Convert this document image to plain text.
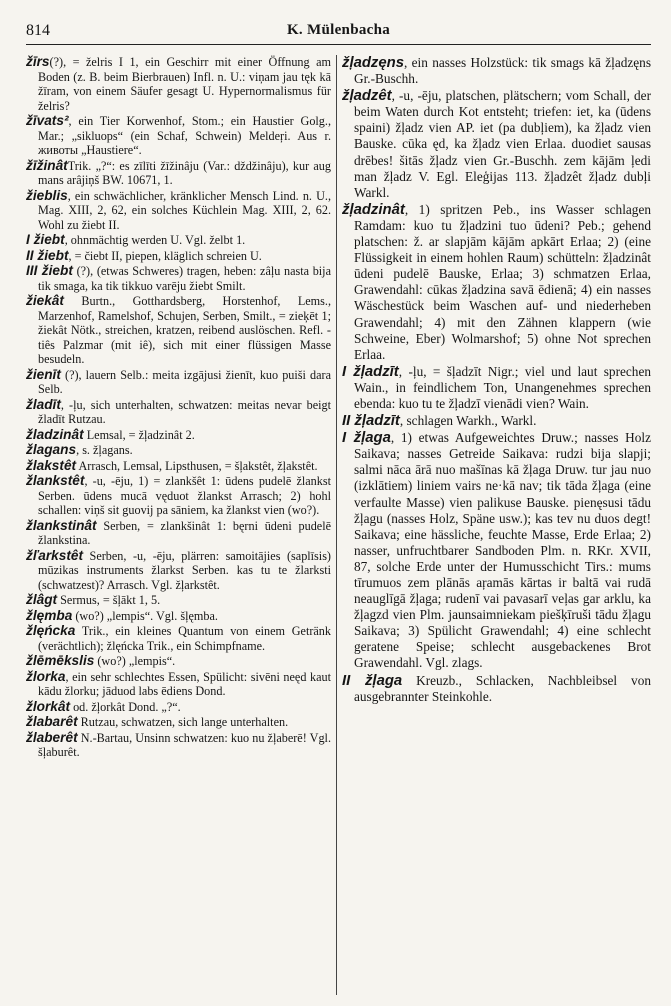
814	K. Mülenbacha

žīrs(?), = želris I 1, ein Geschirr mit einer Öffnung am Boden (z. B. beim Bierbrauen) Infl. n. U.: viņam jau tęk kā žīram, von einem Säufer gesagt U. Hypernormalismus für želris?

žīvats², ein Tier Korwenhof, Stom.; ein Haustier Golg., Mar.; „sikluops“ (ein Schaf, Schwein) Meldeŗi. Aus r. животы „Haustiere“.

žīžinâtTrik. „?“: es zīlīti žīžinâju (Var.: dždžinâju), kur aug mans arâjiņš BW. 10671, 1.

žieblis, ein schwächlicher, kränklicher Mensch Lind. n. U., Mag. XIII, 2, 62, ein solches Küchlein Mag. XIII, 2, 62. Wohl zu žiebt II.

I žiebt, ohnmächtig werden U. Vgl. želbt 1.

II žiebt, = čiebt II, piepen, kläglich schreien U.

III žiebt (?), (etwas Schweres) tragen, heben: zâļu nasta bija tik smaga, ka tik tikkuo varēju žiebt Smilt.

žiekât Burtn., Gotthardsberg, Horstenhof, Lems., Marzenhof, Ramelshof, Schujen, Serben, Smilt., = zieķēt 1; žiekât Nötk., streichen, kratzen, reibend auslöschen. Refl. -tiês Palzmar (mit iê), sich mit einer flüssigen Masse besudeln.

žienīt (?), lauern Selb.: meita izgājusi žienīt, kuo puiši dara Selb.

žladīt, -ļu, sich unterhalten, schwatzen: meitas nevar beigt žladīt Rutzau.

žladzinât Lemsal, = žļadzinât 2.

žlagans, s. žļagans.

žlakstêt Arrasch, Lemsal, Lipsthusen, = šļakstêt, žļakstêt.

žlankstêt, -u, -ēju, 1) = zlankšêt 1: ūdens pudelē žlankst Serben. ūdens mucā vęduot žlankst Arrasch; 2) hohl schallen: viņš sit guovij pa sāniem, ka žlankst vien (wo?).

žlankstinât Serben, = zlankšinât 1: bęrni ūdeni pudelē žlankstina.

žľarkstêt Serben, -u, -ēju, plärren: samoitājies (saplīsis) mūzikas instruments žlarkst Serben. kas tu te žlarksti (schwatzest)? Arrasch. Vgl. žļarkstêt.

žlâgt Sermus, = šļākt 1, 5.

žlęmba (wo?) „lempis“. Vgl. šļęmba.

žlęńcka Trik., ein kleines Quantum von einem Getränk (verächtlich); žlęńcka Trik., ein Schimpfname.

žlēmēkslis (wo?) „lempis“.

žlorka, ein sehr schlechtes Essen, Spülicht: sivēni neęd kaut kādu žlorku; jāduod labs ēdiens Dond.

žlorkât od. žļorkât Dond. „?“.

žlabarêt Rutzau, schwatzen, sich lange unterhalten.

žlaberêt N.-Bartau, Unsinn schwatzen: kuo nu žļaberē! Vgl. šļaburêt.

žļadzęns, ein nasses Holzstück: tik smags kā žļadzęns Gr.-Buschh.

žļadzêt, -u, -ēju, platschen, plätschern; vom Schall, der beim Waten durch Kot entsteht; triefen: iet, ka (ūdens spaini) žļadz vien AP. iet (pa dubļiem), ka žļadz vien Bauske. cūka ęd, ka žļadz vien Erlaa. duodiet sausas drēbes! šitās žļadz vien Gr.-Buschh. zem kājām ļedi man žļadz V. Egl. Eleģijas 113. žļadzêt žļadz dubļi Warkl.

žļadzinât, 1) spritzen Peb., ins Wasser schlagen Ramdam: kuo tu žļadzini tuo ūdeni? Peb.; gehend platschen: ž. ar slapjām kājām apkārt Erlaa; 2) (eine Flüssigkeit in einem hohlen Raum) schütteln: žļadzinât ūdeni pudelē Bauske, Erlaa; 3) schmatzen Erlaa, Grawendahl: cūkas žļadzina savā ēdienā; 4) ein nasses Wäschestück beim Waschen auf- und niederheben Grawendahl; 4) mit den Zähnen klappern (wie Schweine, Eber) Wolmarshof; 5) ohne Not sprechen Erlaa.

I žļadzīt, -ļu, = šļadzīt Nigr.; viel und laut sprechen Wain., in feindlichem Ton, Unangenehmes sprechen ebenda: kuo tu te žļadzī vienādi vien? Wain.

II žļadzīt, schlagen Warkh., Warkl.

I žļaga, 1) etwas Aufgeweichtes Druw.; nasses Holz Saikava; nasses Getreide Saikava: rudzi bija slapji; salmi nāca ārā nuo mašīnas kā žļaga Druw. tur jau nuo (izklātiem) liniem vairs ne·kā nav; tik tāda žļaga (eine verfaulte Masse) vien palikuse Bauske. pienęsusi tādu žļagu (nasses Holz, Späne usw.); kas tev nu duos degt! Saikava; eine hässliche, feuchte Masse, Erde Erlaa; 2) nasser, unfruchtbarer Sandboden Plm. n. RKr. XVII, 87, solche Erde unter der Humusschicht Tirs.: mums tīrumuos zem plānās aŗamās kārtas ir baltā vai rudā neauglīgā žļaga; rudenī vai pavasarī veļas gar arklu, ka žļagzd vien Plm. jaunsaimniekam piešķīruši tādu žļagu Saikava; 3) Spülicht Grawendahl; 4) eine schlecht geratene Speise; schlecht ausgebackenes Brot Grawendahl. Vgl. zlags.

II žļaga Kreuzb., Schlacken, Nachbleibsel von ausgebrannter Steinkohle.
